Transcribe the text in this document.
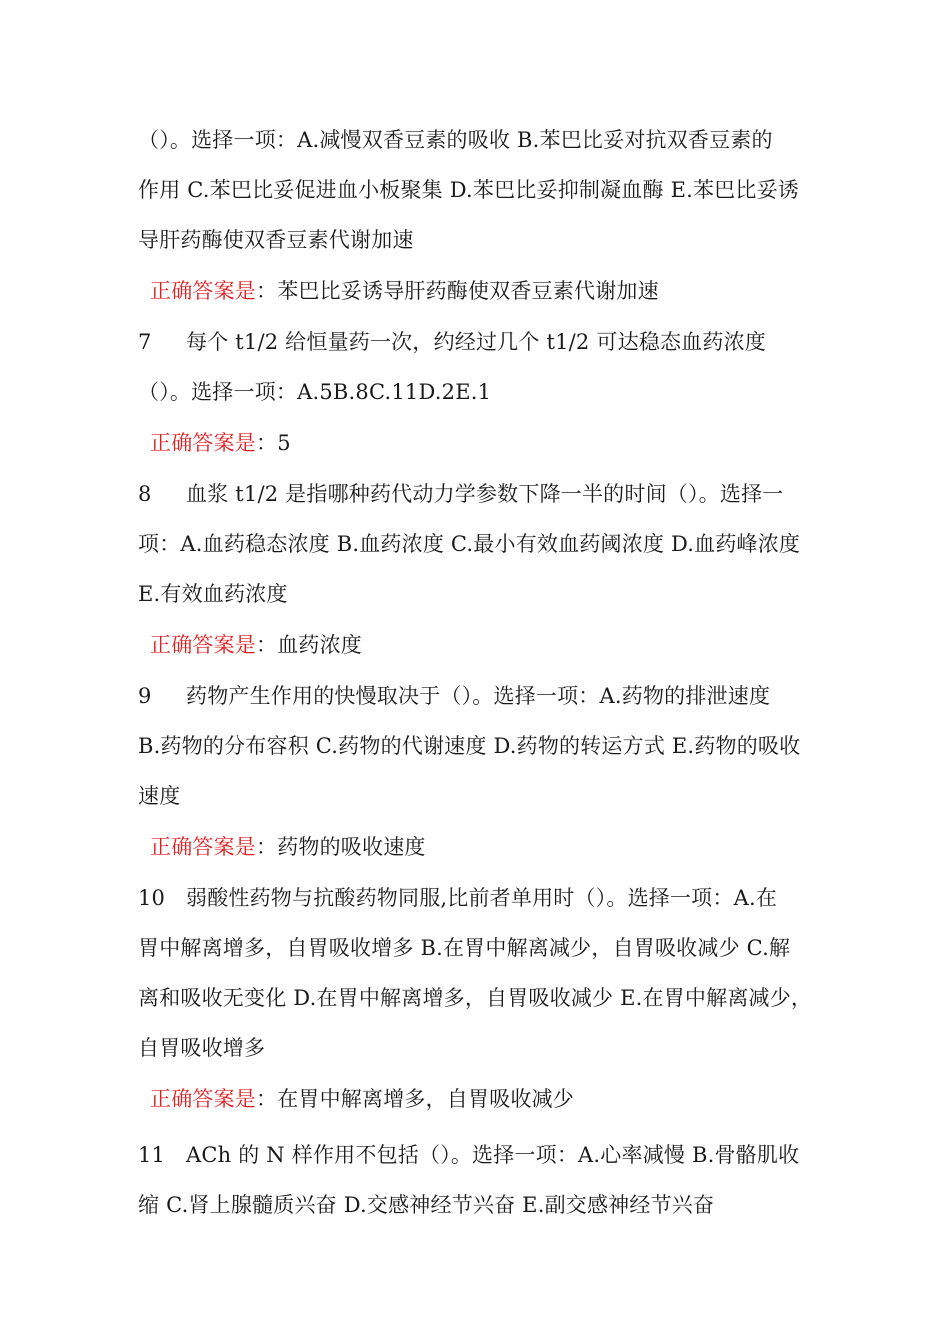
（）。选择一项：A.减慢双香豆素的吸收 B.苯巴比妥对抗双香豆素的
作用 C.苯巴比妥促进血小板聚集 D.苯巴比妥抑制凝血酶 E.苯巴比妥诱
导肝药酶使双香豆素代谢加速
正确答案是：苯巴比妥诱导肝药酶使双香豆素代谢加速
7 每个 t1/2 给恒量药一次，约经过几个 t1/2 可达稳态血药浓度
（）。选择一项：A.5B.8C.11D.2E.1
正确答案是：5
8 血浆 t1/2 是指哪种药代动力学参数下降一半的时间（）。选择一
项：A.血药稳态浓度 B.血药浓度 C.最小有效血药阈浓度 D.血药峰浓度
E.有效血药浓度
正确答案是：血药浓度
9 药物产生作用的快慢取决于（）。选择一项：A.药物的排泄速度
B.药物的分布容积 C.药物的代谢速度 D.药物的转运方式 E.药物的吸收
速度
正确答案是：药物的吸收速度
10 弱酸性药物与抗酸药物同服,比前者单用时（）。选择一项：A.在
胃中解离增多，自胃吸收增多 B.在胃中解离减少，自胃吸收减少 C.解
离和吸收无变化 D.在胃中解离增多，自胃吸收减少 E.在胃中解离减少，
自胃吸收增多
正确答案是：在胃中解离增多，自胃吸收减少
11 ACh 的 N 样作用不包括（）。选择一项：A.心率减慢 B.骨骼肌收
缩 C.肾上腺髓质兴奋 D.交感神经节兴奋 E.副交感神经节兴奋
